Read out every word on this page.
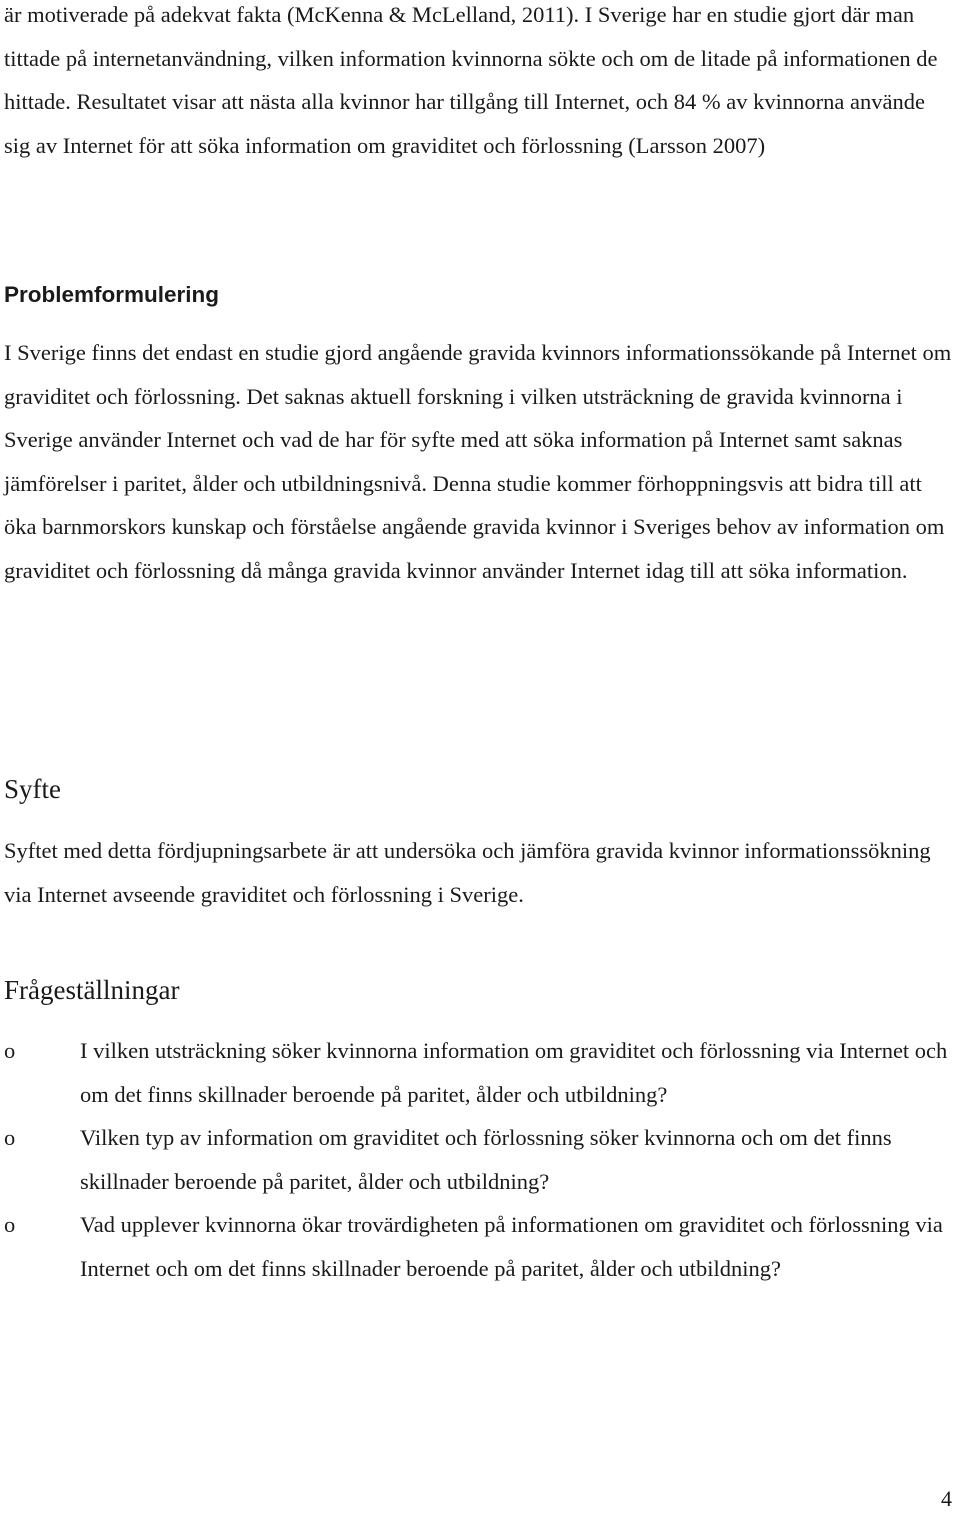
är motiverade på adekvat fakta (McKenna & McLelland, 2011). I Sverige har en studie gjort där man tittade på internetanvändning, vilken information kvinnorna sökte och om de litade på informationen de hittade. Resultatet visar att nästa alla kvinnor har tillgång till Internet, och 84 % av kvinnorna använde sig av Internet för att söka information om graviditet och förlossning (Larsson 2007)

Problemformulering

I Sverige finns det endast en studie gjord angående gravida kvinnors informationssökande på Internet om graviditet och förlossning. Det saknas aktuell forskning i vilken utsträckning de gravida kvinnorna i Sverige använder Internet och vad de har för syfte med att söka information på Internet samt saknas jämförelser i paritet, ålder och utbildningsnivå. Denna studie kommer förhoppningsvis att bidra till att öka barnmorskors kunskap och förståelse angående gravida kvinnor i Sveriges behov av information om graviditet och förlossning då många gravida kvinnor använder Internet idag till att söka information.

Syfte

Syftet med detta fördjupningsarbete är att undersöka och jämföra gravida kvinnor informationssökning via Internet avseende graviditet och förlossning i Sverige.

Frågeställningar
o	I vilken utsträckning söker kvinnorna information om graviditet och förlossning via Internet och om det finns skillnader beroende på paritet, ålder och utbildning?
o	Vilken typ av information om graviditet och förlossning söker kvinnorna och om det finns skillnader beroende på paritet, ålder och utbildning?
o	Vad upplever kvinnorna ökar trovärdigheten på informationen om graviditet och förlossning via Internet och om det finns skillnader beroende på paritet, ålder och utbildning?
4
